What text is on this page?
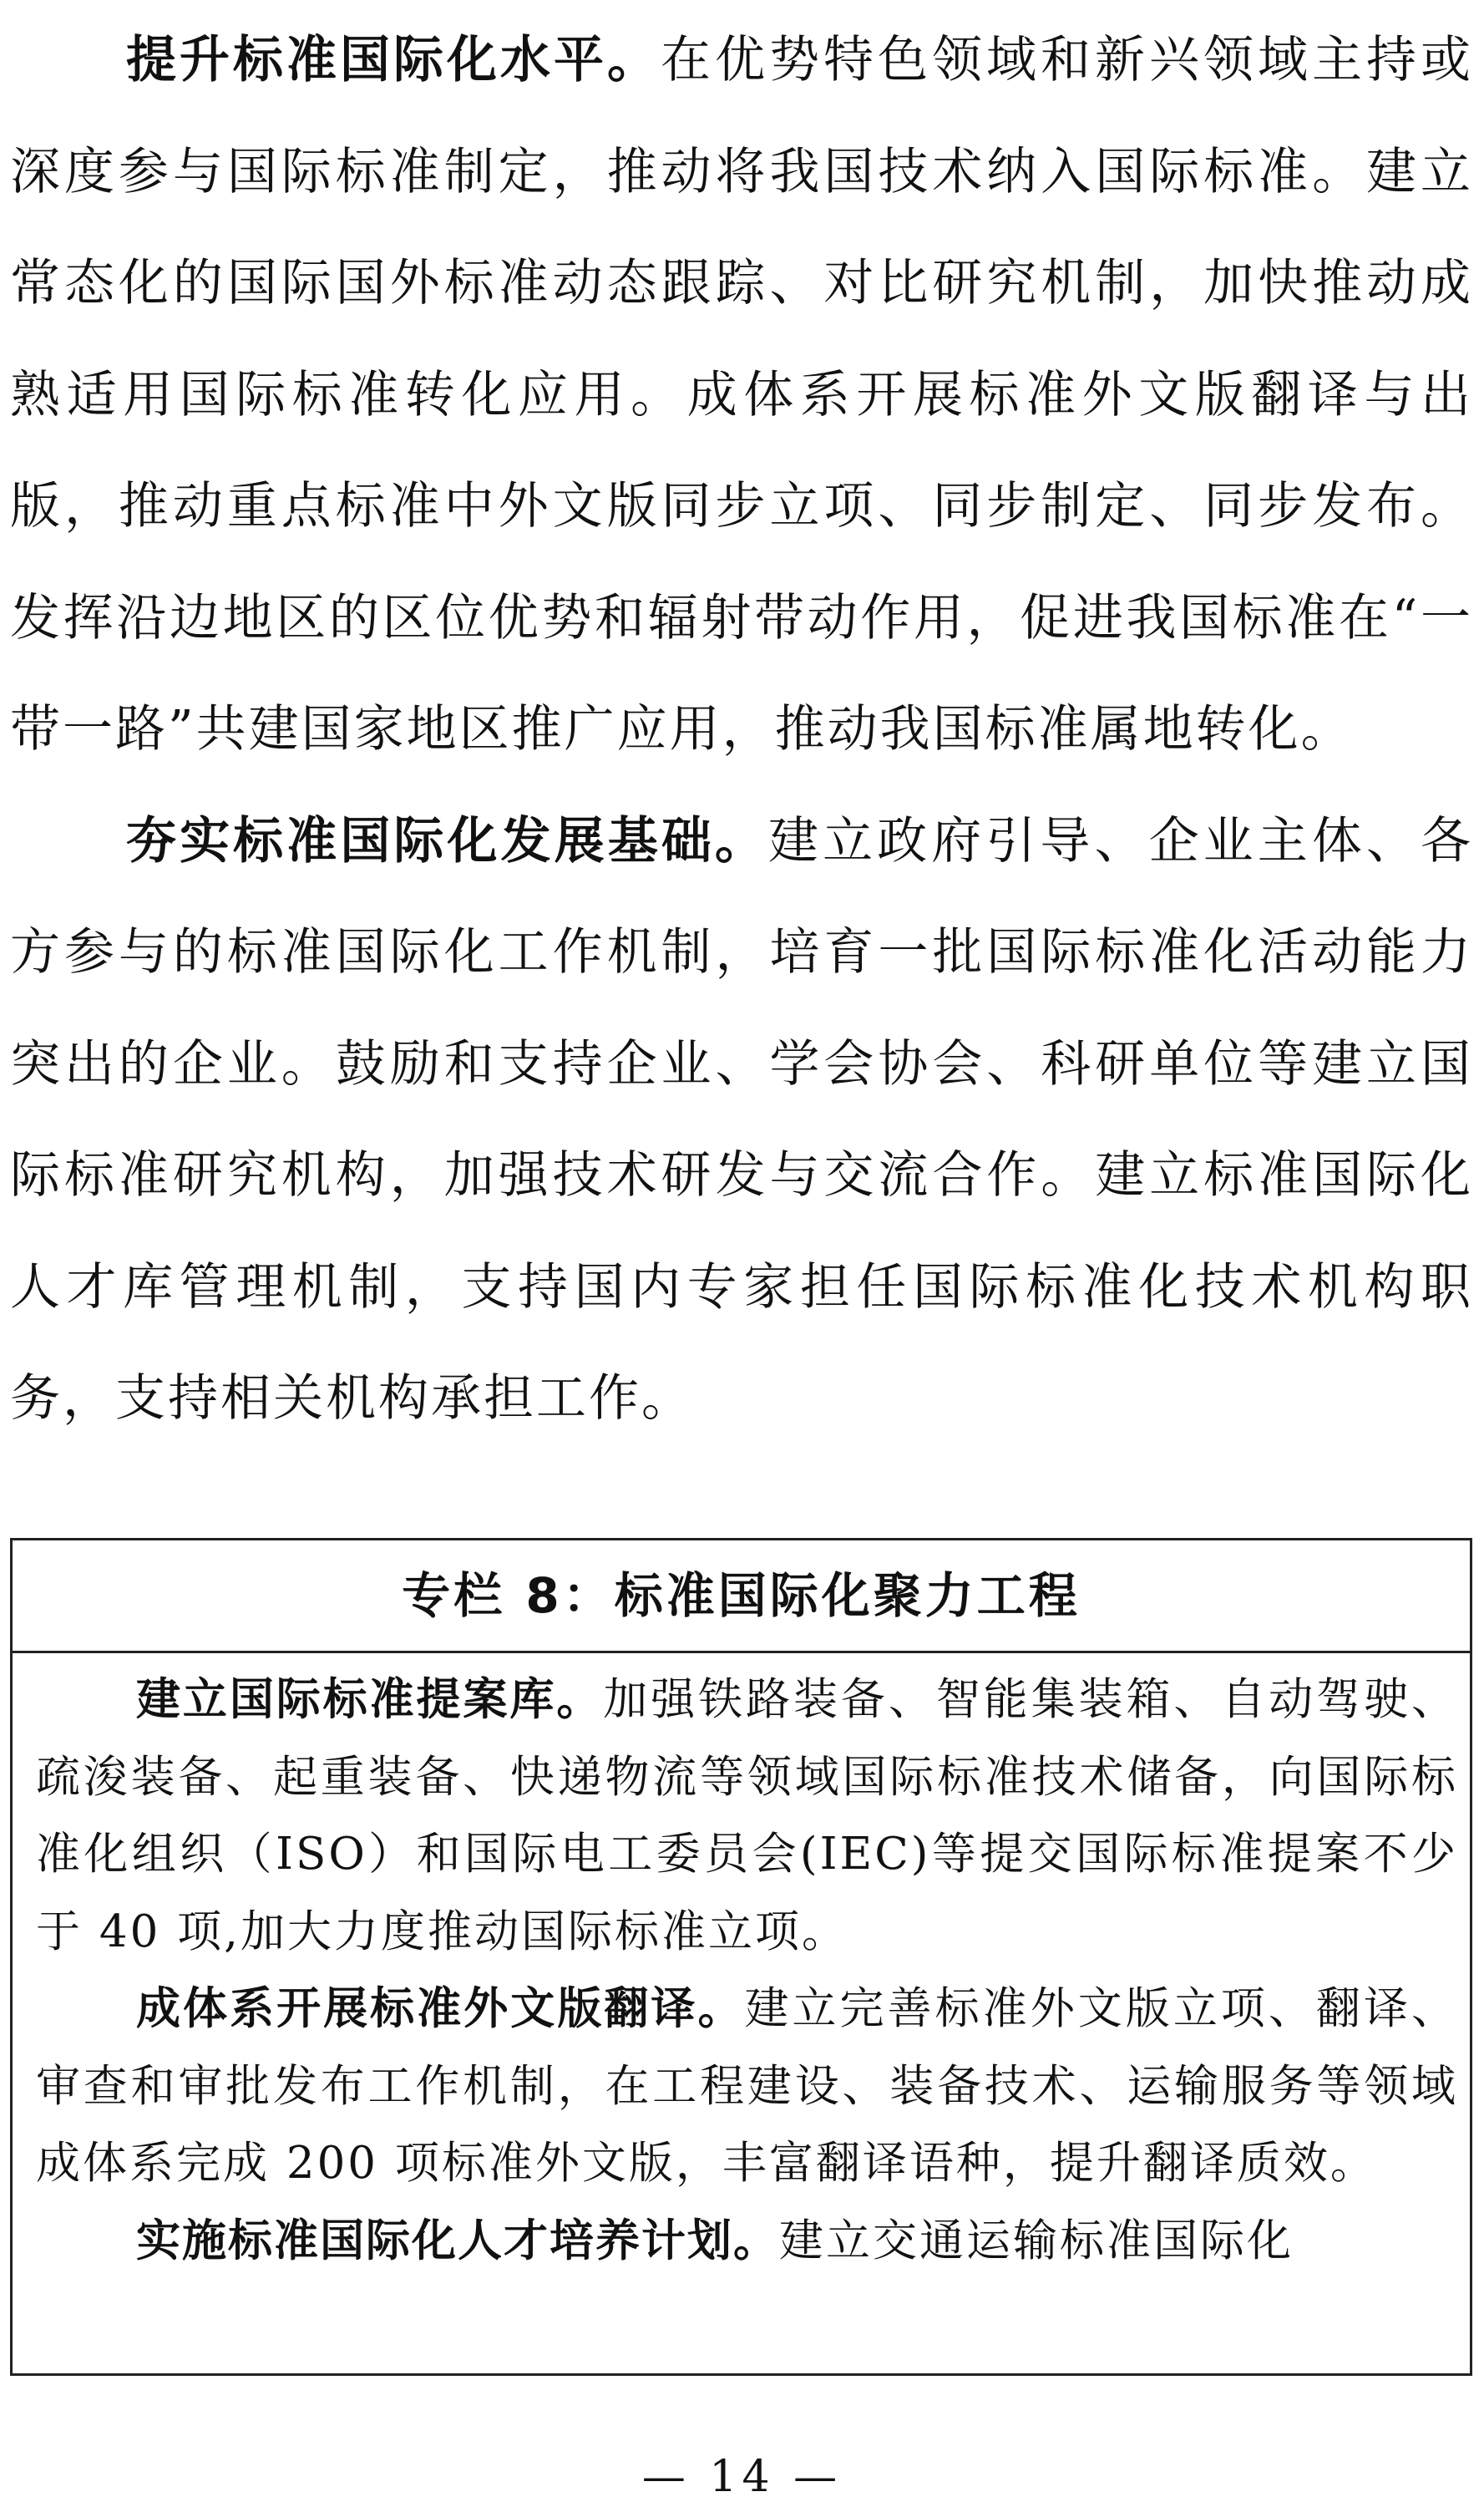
提升标准国际化水平。在优势特色领域和新兴领域主持或深度参与国际标准制定，推动将我国技术纳入国际标准。建立常态化的国际国外标准动态跟踪、对比研究机制，加快推动成熟适用国际标准转化应用。成体系开展标准外文版翻译与出版，推动重点标准中外文版同步立项、同步制定、同步发布。发挥沿边地区的区位优势和辐射带动作用，促进我国标准在“一带一路”共建国家地区推广应用，推动我国标准属地转化。

夯实标准国际化发展基础。建立政府引导、企业主体、各方参与的标准国际化工作机制，培育一批国际标准化活动能力突出的企业。鼓励和支持企业、学会协会、科研单位等建立国际标准研究机构，加强技术研发与交流合作。建立标准国际化人才库管理机制，支持国内专家担任国际标准化技术机构职务，支持相关机构承担工作。

专栏 8：标准国际化聚力工程

建立国际标准提案库。加强铁路装备、智能集装箱、自动驾驶、疏浚装备、起重装备、快递物流等领域国际标准技术储备，向国际标准化组织（ISO）和国际电工委员会(IEC)等提交国际标准提案不少于 40 项,加大力度推动国际标准立项。

成体系开展标准外文版翻译。建立完善标准外文版立项、翻译、审查和审批发布工作机制，在工程建设、装备技术、运输服务等领域成体系完成 200 项标准外文版，丰富翻译语种，提升翻译质效。

实施标准国际化人才培养计划。建立交通运输标准国际化

— 14 —
